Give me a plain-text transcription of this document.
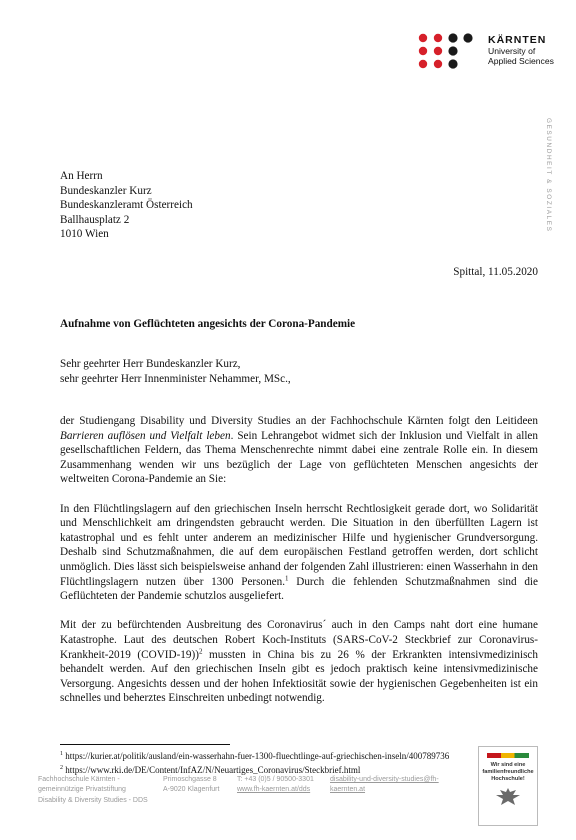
KÄRNTEN
University of
Applied Sciences
GESUNDHEIT & SOZIALES
An Herrn
Bundeskanzler Kurz
Bundeskanzleramt Österreich
Ballhausplatz 2
1010 Wien
Spittal, 11.05.2020
Aufnahme von Geflüchteten angesichts der Corona-Pandemie
Sehr geehrter Herr Bundeskanzler Kurz,
sehr geehrter Herr Innenminister Nehammer, MSc.,

der Studiengang Disability und Diversity Studies an der Fachhochschule Kärnten folgt den Leitideen Barrieren auflösen und Vielfalt leben. Sein Lehrangebot widmet sich der Inklusion und Vielfalt in allen gesellschaftlichen Feldern, das Thema Menschenrechte nimmt dabei eine zentrale Rolle ein. In diesem Zusammenhang wenden wir uns bezüglich der Lage von geflüchteten Menschen angesichts der weltweiten Corona-Pandemie an Sie:

In den Flüchtlingslagern auf den griechischen Inseln herrscht Rechtlosigkeit gerade dort, wo Solidarität und Menschlichkeit am dringendsten gebraucht werden. Die Situation in den überfüllten Lagern ist katastrophal und es fehlt unter anderem an medizinischer Hilfe und hygienischer Grundversorgung. Deshalb sind Schutzmaßnahmen, die auf dem europäischen Festland getroffen werden, dort schlicht unmöglich. Dies lässt sich beispielsweise anhand der folgenden Zahl illustrieren: einen Wasserhahn in den Flüchtlingslagern nutzen über 1300 Personen.$^1$ Durch die fehlenden Schutzmaßnahmen sind die Geflüchteten der Pandemie schutzlos ausgeliefert.

Mit der zu befürchtenden Ausbreitung des Coronavirus´ auch in den Camps naht dort eine humane Katastrophe. Laut des deutschen Robert Koch-Instituts (SARS-CoV-2 Steckbrief zur Coronavirus-Krankheit-2019 (COVID-19))$^2$ mussten in China bis zu 26 % der Erkrankten intensivmedizinisch behandelt werden. Auf den griechischen Inseln gibt es jedoch praktisch keine intensivmedizinische Versorgung. Angesichts dessen und der hohen Infektiosität sowie der hygienischen Gegebenheiten ist ein schnelles und beherztes Einschreiten unbedingt notwendig.

$^1$ https://kurier.at/politik/ausland/ein-wasserhahn-fuer-1300-fluechtlinge-auf-griechischen-inseln/400789736
$^2$ https://www.rki.de/DE/Content/InfAZ/N/Neuartiges_Coronavirus/Steckbrief.html
Fachhochschule Kärnten -
gemeinnützige Privatstiftung
Disability & Diversity Studies - DDS
Primoschgasse 8
A-9020 Klagenfurt
T: +43 (0)5 / 90500-3301
www.fh-kaernten.at/dds
disability-und-diversity-studies@fh-
kaernten.at
Wir sind eine familienfreundliche Hochschule!
